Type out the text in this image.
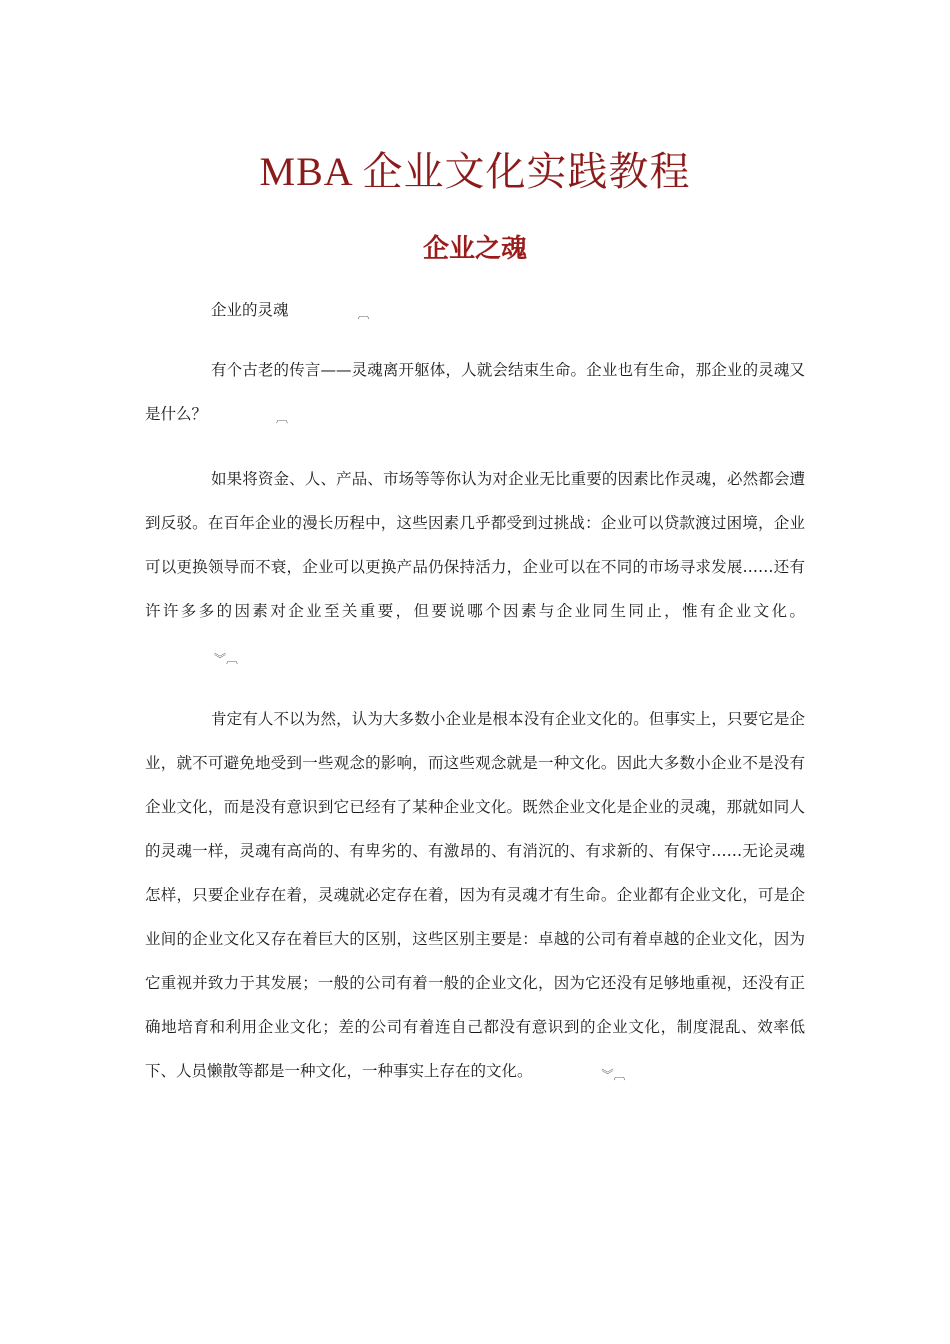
MBA 企业文化实践教程
企业之魂

企业的灵魂	︹

有个古老的传言——灵魂离开躯体，人就会结束生命。企业也有生命，那企业的灵魂又是什么？	︹

如果将资金、人、产品、市场等等你认为对企业无比重要的因素比作灵魂，必然都会遭到反驳。在百年企业的漫长历程中，这些因素几乎都受到过挑战：企业可以贷款渡过困境，企业可以更换领导而不衰，企业可以更换产品仍保持活力，企业可以在不同的市场寻求发展……还有许许多多的因素对企业至关重要，但要说哪个因素与企业同生同止，惟有企业文化。︾︹

肯定有人不以为然，认为大多数小企业是根本没有企业文化的。但事实上，只要它是企业，就不可避免地受到一些观念的影响，而这些观念就是一种文化。因此大多数小企业不是没有企业文化，而是没有意识到它已经有了某种企业文化。既然企业文化是企业的灵魂，那就如同人的灵魂一样，灵魂有高尚的、有卑劣的、有激昂的、有消沉的、有求新的、有保守……无论灵魂怎样，只要企业存在着，灵魂就必定存在着，因为有灵魂才有生命。企业都有企业文化，可是企业间的企业文化又存在着巨大的区别，这些区别主要是：卓越的公司有着卓越的企业文化，因为它重视并致力于其发展；一般的公司有着一般的企业文化，因为它还没有足够地重视，还没有正确地培育和利用企业文化；差的公司有着连自己都没有意识到的企业文化，制度混乱、效率低下、人员懒散等都是一种文化，一种事实上存在的文化。	︾︹
